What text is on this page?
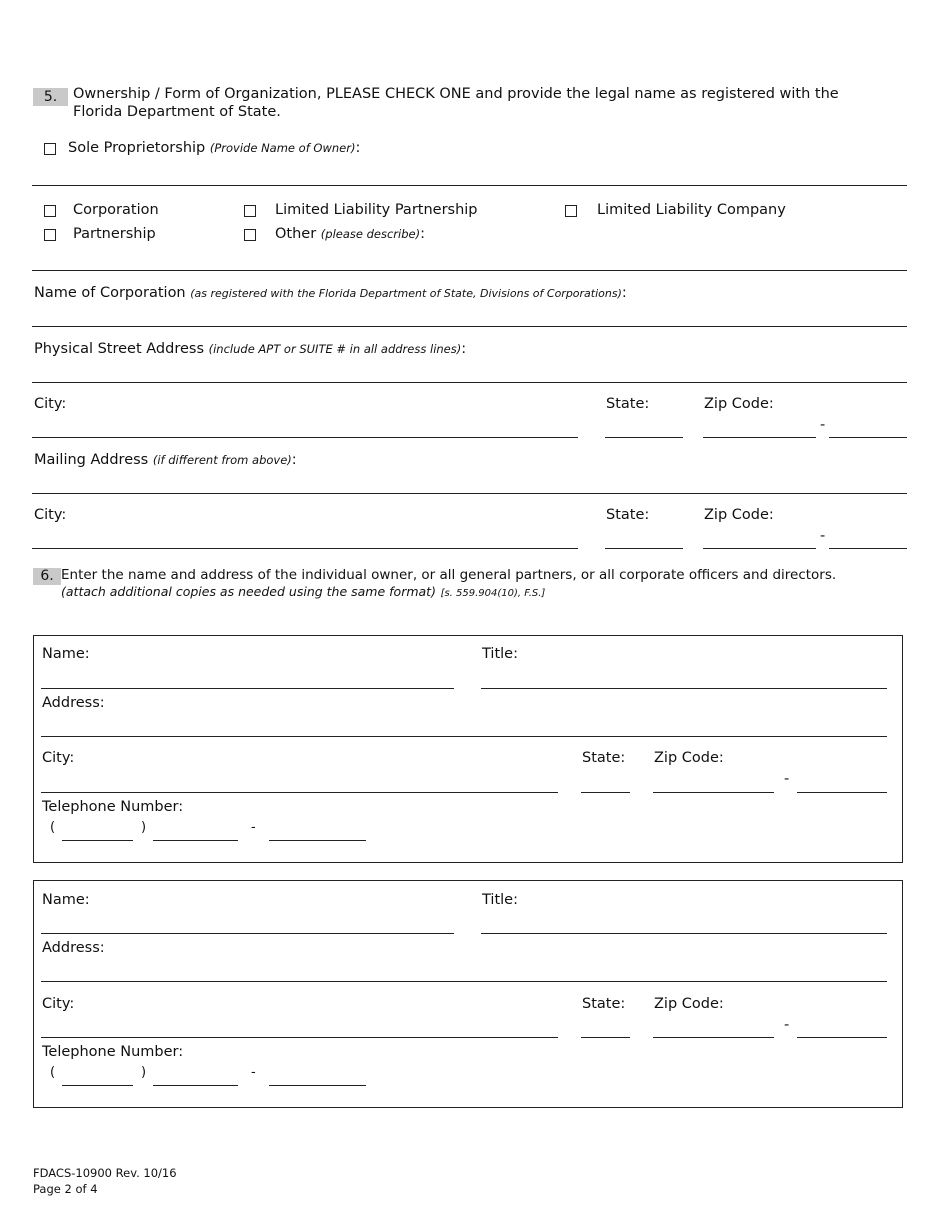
5.	Ownership / Form of Organization, PLEASE CHECK ONE and provide the legal name as registered with the
Florida Department of State.
Sole Proprietorship (Provide Name of Owner):
Corporation	Limited Liability Partnership	Limited Liability Company
Partnership	Other (please describe):
Name of Corporation (as registered with the Florida Department of State, Divisions of Corporations):
Physical Street Address (include APT or SUITE # in all address lines):
City:	State:	Zip Code:
-
Mailing Address (if different from above):
City:	State:	Zip Code:
-
6. Enter the name and address of the individual owner, or all general partners, or all corporate officers and directors.
(attach additional copies as needed using the same format) [s. 559.904(10), F.S.]
Name:	Title:
Address:
City:	State: Zip Code:
-
Telephone Number:
(	)	-
Name:	Title:
Address:
City:	State: Zip Code:
-
Telephone Number:
(	)	-
FDACS-10900 Rev. 10/16
Page 2 of 4
